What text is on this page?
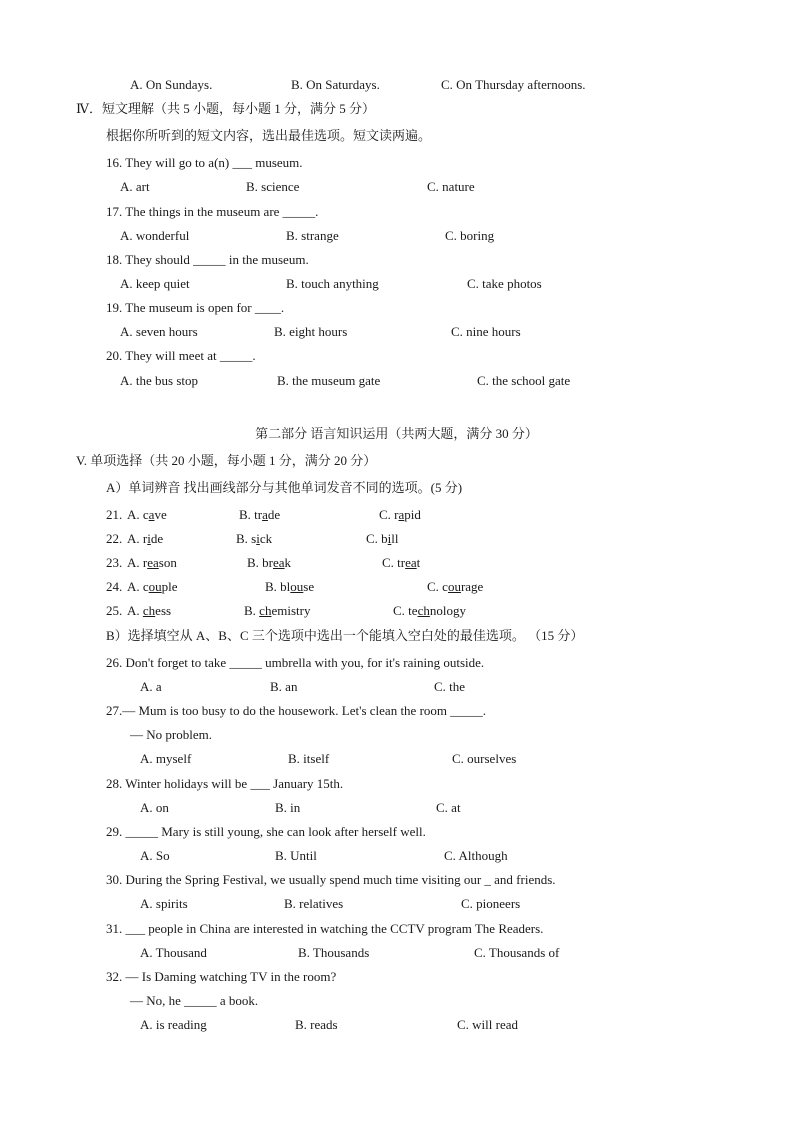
A. On Sundays.	B. On Saturdays.	C. On Thursday afternoons.
Ⅳ．短文理解（共 5 小题，每小题 1 分，满分 5 分）
根据你所听到的短文内容，选出最佳选项。短文读两遍。
16. They will go to a(n) ___ museum.
A. art	B. science	C. nature
17. The things in the museum are _____.
A. wonderful	B. strange	C. boring
18. They should _____ in the museum.
A. keep quiet	B. touch anything	C. take photos
19. The museum is open for ____.
A. seven hours	B. eight hours	C. nine hours
20. They will meet at _____.
A. the bus stop	B. the museum gate	C. the school gate
第二部分 语言知识运用（共两大题，满分 30 分）
V. 单项选择（共 20 小题，每小题 1 分，满分 20 分）
A）单词辨音 找出画线部分与其他单词发音不同的选项。(5 分)
21. A. cave	B. trade	C. rapid
22. A. ride	B. sick	C. bill
23. A. reason	B. break	C. treat
24. A. couple	B. blouse	C. courage
25. A. chess	B. chemistry	C. technology
B）选择填空从 A、B、C 三个选项中选出一个能填入空白处的最佳选项。 （15 分）
26. Don't forget to take _____ umbrella with you, for it's raining outside.
A. a	B. an	C. the
27.— Mum is too busy to do the housework. Let's clean the room _____.
— No problem.
A. myself	B. itself	C. ourselves
28. Winter holidays will be ___ January 15th.
A. on	B. in	C. at
29. _____ Mary is still young, she can look after herself well.
A. So	B. Until	C. Although
30. During the Spring Festival, we usually spend much time visiting our _ and friends.
A. spirits	B. relatives	C. pioneers
31. ___ people in China are interested in watching the CCTV program The Readers.
A. Thousand	B. Thousands	C. Thousands of
32. — Is Daming watching TV in the room?
— No, he _____ a book.
A. is reading	B. reads	C. will read
